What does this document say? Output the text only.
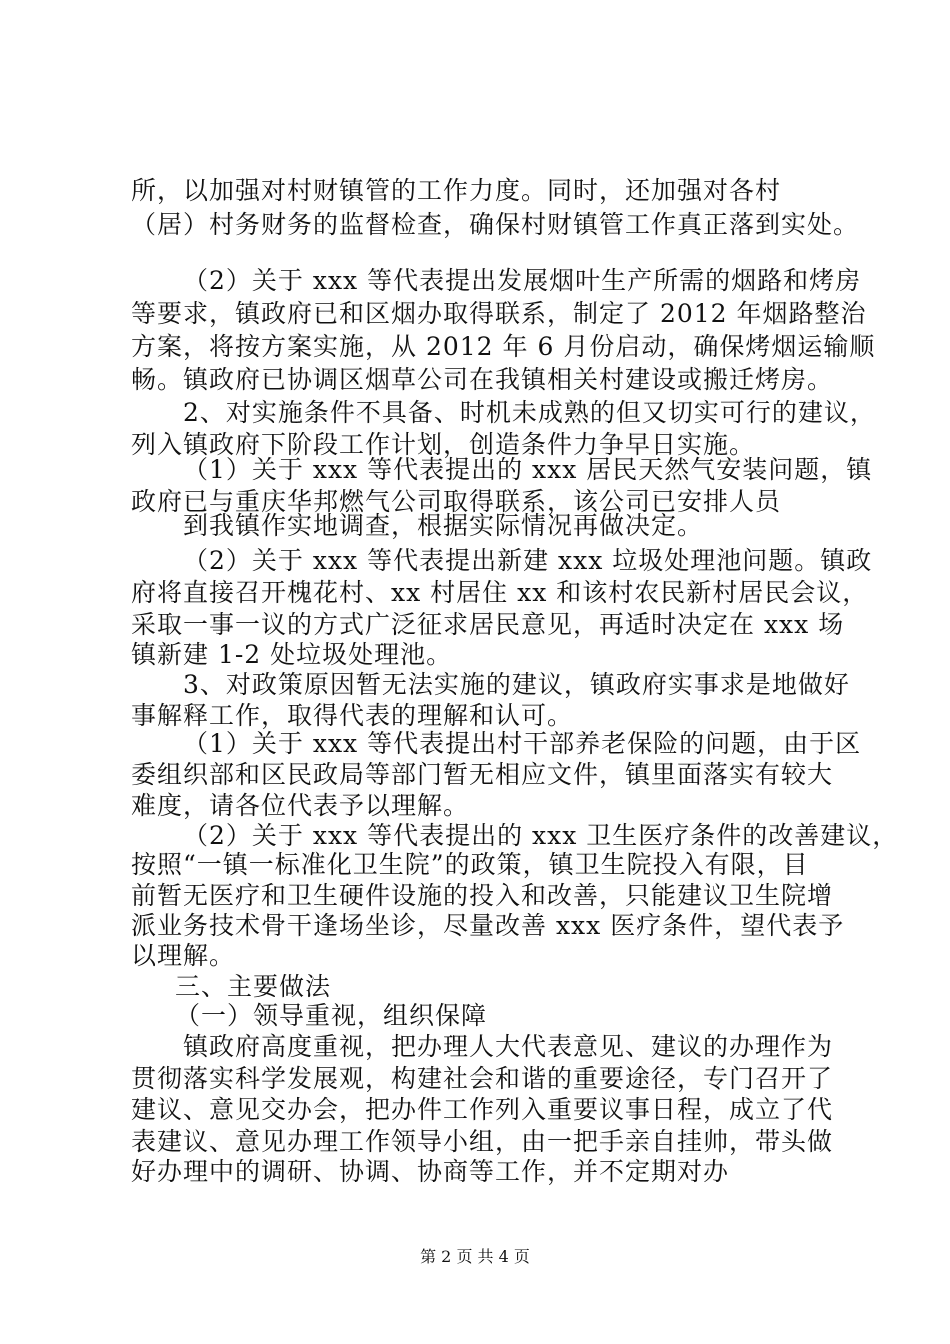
所，以加强对村财镇管的工作力度。同时，还加强对各村
（居）村务财务的监督检查，确保村财镇管工作真正落到实处。
（2）关于 xxx 等代表提出发展烟叶生产所需的烟路和烤房
等要求，镇政府已和区烟办取得联系，制定了 2012 年烟路整治
方案，将按方案实施，从 2012 年 6 月份启动，确保烤烟运输顺
畅。镇政府已协调区烟草公司在我镇相关村建设或搬迁烤房。
2、对实施条件不具备、时机未成熟的但又切实可行的建议，
列入镇政府下阶段工作计划，创造条件力争早日实施。
（1）关于 xxx 等代表提出的 xxx 居民天然气安装问题，镇
政府已与重庆华邦燃气公司取得联系，该公司已安排人员
到我镇作实地调查，根据实际情况再做决定。
（2）关于 xxx 等代表提出新建 xxx 垃圾处理池问题。镇政
府将直接召开槐花村、xx 村居住 xx 和该村农民新村居民会议，
采取一事一议的方式广泛征求居民意见，再适时决定在 xxx 场
镇新建 1-2 处垃圾处理池。
3、对政策原因暂无法实施的建议，镇政府实事求是地做好
事解释工作，取得代表的理解和认可。
（1）关于 xxx 等代表提出村干部养老保险的问题，由于区
委组织部和区民政局等部门暂无相应文件，镇里面落实有较大
难度，请各位代表予以理解。
（2）关于 xxx 等代表提出的 xxx 卫生医疗条件的改善建议，
按照“一镇一标准化卫生院”的政策，镇卫生院投入有限，目
前暂无医疗和卫生硬件设施的投入和改善，只能建议卫生院增
派业务技术骨干逢场坐诊，尽量改善 xxx 医疗条件，望代表予
以理解。
三、主要做法
（一）领导重视，组织保障
镇政府高度重视，把办理人大代表意见、建议的办理作为
贯彻落实科学发展观，构建社会和谐的重要途径，专门召开了
建议、意见交办会，把办件工作列入重要议事日程，成立了代
表建议、意见办理工作领导小组，由一把手亲自挂帅，带头做
好办理中的调研、协调、协商等工作，并不定期对办
第 2 页 共 4 页
